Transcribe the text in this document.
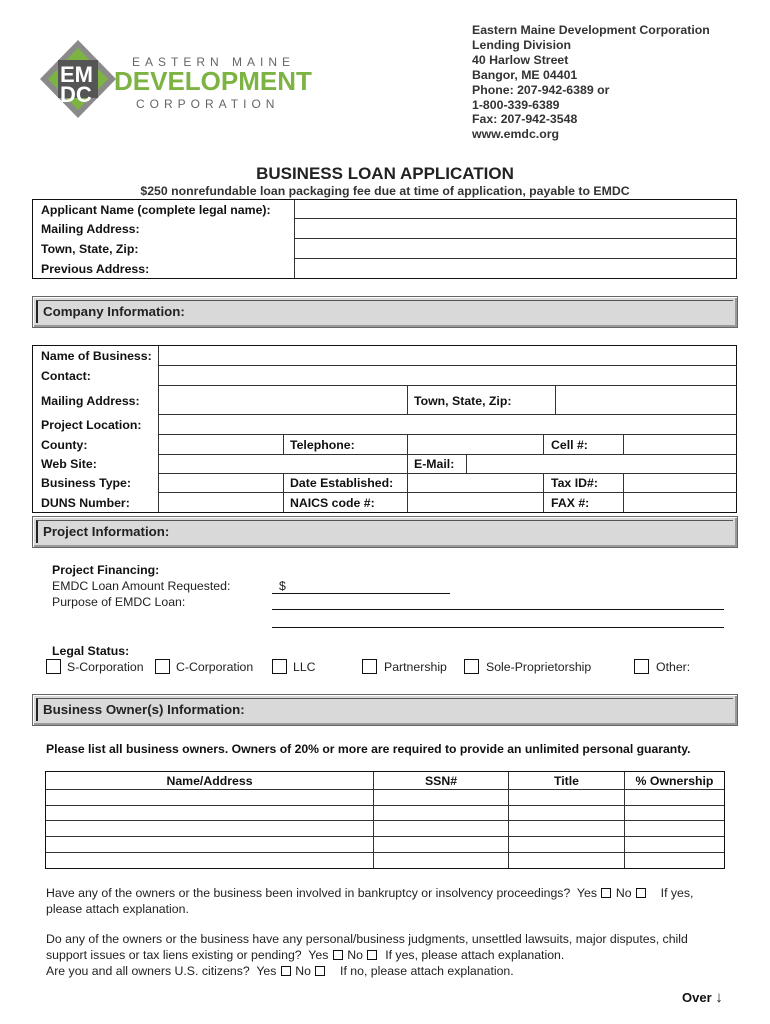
EM
DC
EASTERN MAINE
DEVELOPMENT
CORPORATION
Eastern Maine Development Corporation
Lending Division
40 Harlow Street
Bangor, ME 04401
Phone: 207-942-6389 or
1-800-339-6389
Fax: 207-942-3548
www.emdc.org
BUSINESS LOAN APPLICATION
$250 nonrefundable loan packaging fee due at time of application, payable to EMDC
Applicant Name (complete legal name):
Mailing Address:
Town, State, Zip:
Previous Address:
Company Information:
Name of Business:
Contact:
Mailing Address:	Town, State, Zip:
Project Location:
County:	Telephone:	Cell #:
Web Site:	E-Mail:
Business Type:	Date Established:	Tax ID#:
DUNS Number:	NAICS code #:	FAX #:
Project Information:
Project Financing:
EMDC Loan Amount Requested:	$
Purpose of EMDC Loan:
Legal Status:
S-Corporation	C-Corporation	LLC	Partnership	Sole-Proprietorship	Other:
Business Owner(s) Information:
Please list all business owners. Owners of 20% or more are required to provide an unlimited personal guaranty.
Name/Address	SSN#	Title	% Ownership
Have any of the owners or the business been involved in bankruptcy or insolvency proceedings? Yes No If yes,
please attach explanation.
Do any of the owners or the business have any personal/business judgments, unsettled lawsuits, major disputes, child
support issues or tax liens existing or pending? Yes No If yes, please attach explanation.
Are you and all owners U.S. citizens? Yes No If no, please attach explanation.
Over ↓
